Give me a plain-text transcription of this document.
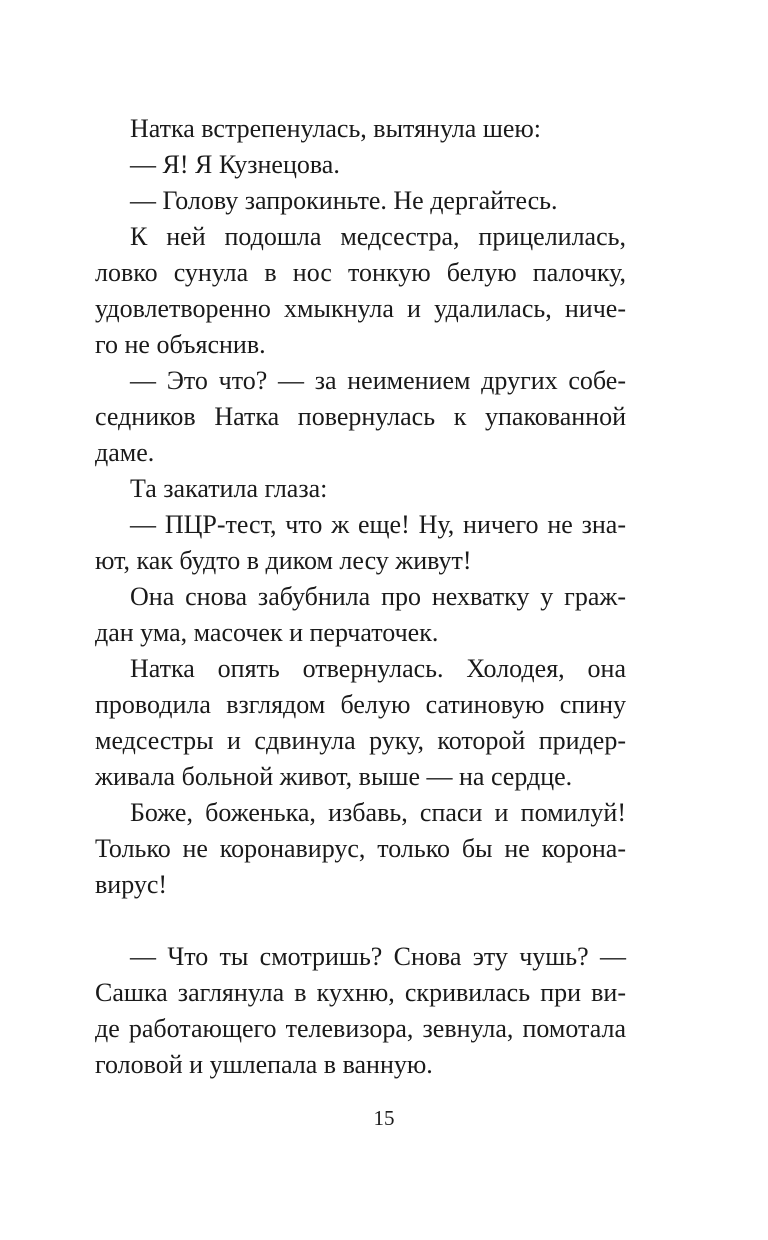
Натка встрепенулась, вытянула шею:
— Я! Я Кузнецова.
— Голову запрокиньте. Не дергайтесь.
К ней подошла медсестра, прицелилась,
ловко сунула в нос тонкую белую палочку,
удовлетворенно хмыкнула и удалилась, ниче-
го не объяснив.
— Это что? — за неимением других собе-
седников Натка повернулась к упакованной
даме.
Та закатила глаза:
— ПЦР-тест, что ж еще! Ну, ничего не зна-
ют, как будто в диком лесу живут!
Она снова забубнила про нехватку у граж-
дан ума, масочек и перчаточек.
Натка опять отвернулась. Холодея, она
проводила взглядом белую сатиновую спину
медсестры и сдвинула руку, которой придер-
живала больной живот, выше — на сердце.
Боже, боженька, избавь, спаси и помилуй!
Только не коронавирус, только бы не корона-
вирус!
— Что ты смотришь? Снова эту чушь? —
Сашка заглянула в кухню, скривилась при ви-
де работающего телевизора, зевнула, помотала
головой и ушлепала в ванную.
15
